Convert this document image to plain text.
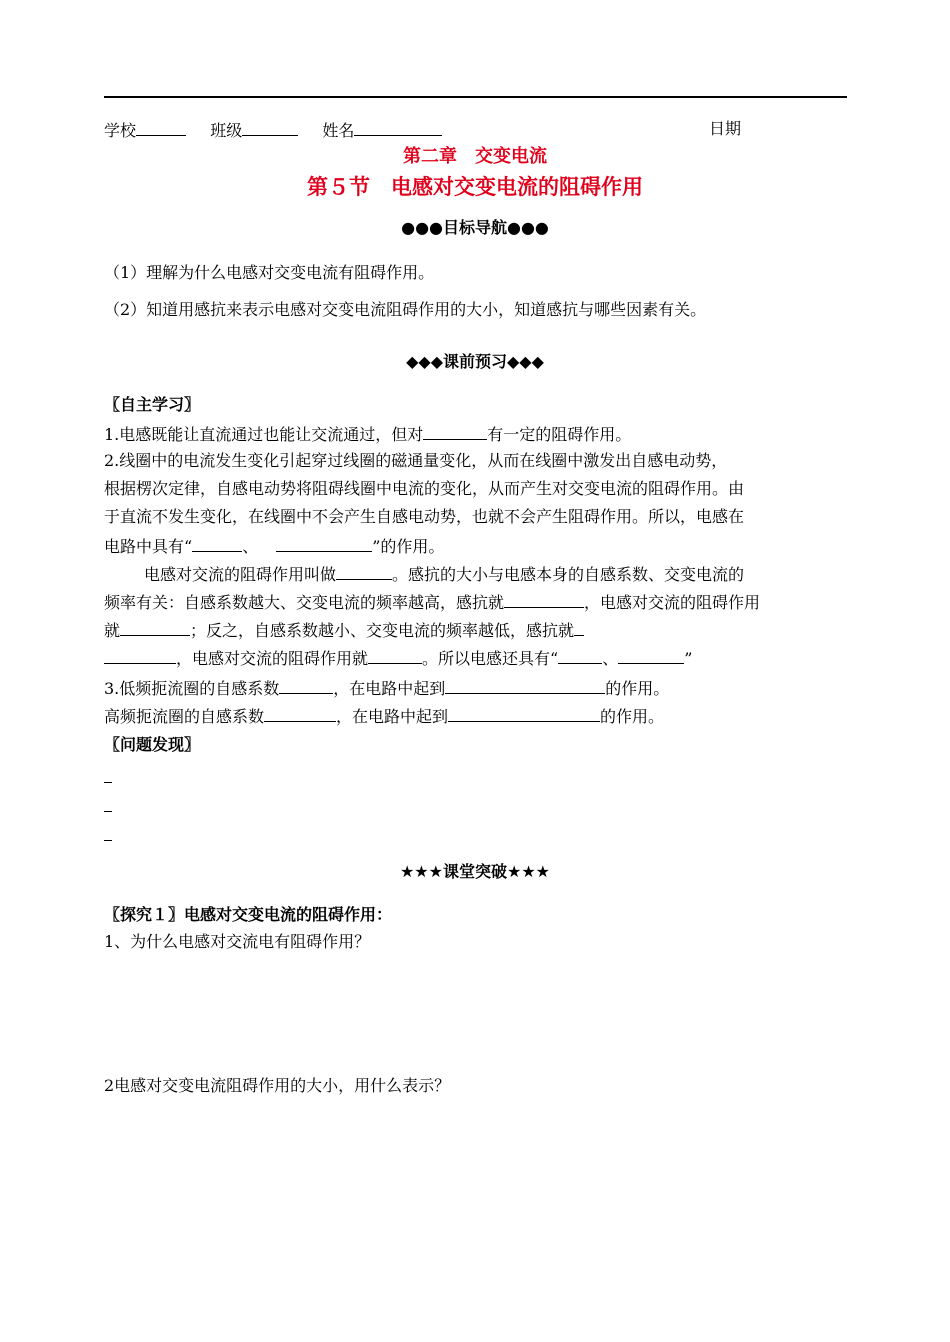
学校	班级	姓名	日期
第二章　交变电流
第５节　电感对交变电流的阻碍作用
●●●目标导航●●●
（1）理解为什么电感对交变电流有阻碍作用。
（2）知道用感抗来表示电感对交变电流阻碍作用的大小，知道感抗与哪些因素有关。
◆◆◆课前预习◆◆◆
〖自主学习〗
1.电感既能让直流通过也能让交流通过，但对	有一定的阻碍作用。
2.线圈中的电流发生变化引起穿过线圈的磁通量变化，从而在线圈中激发出自感电动势，
根据楞次定律，自感电动势将阻碍线圈中电流的变化，从而产生对交变电流的阻碍作用。由
于直流不发生变化，在线圈中不会产生自感电动势，也就不会产生阻碍作用。所以，电感在
电路中具有“	、	”的作用。
电感对交流的阻碍作用叫做	。感抗的大小与电感本身的自感系数、交变电流的
频率有关：自感系数越大、交变电流的频率越高，感抗就	，电感对交流的阻碍作用
就	；反之，自感系数越小、交变电流的频率越低，感抗就
，电感对交流的阻碍作用就	。所以电感还具有“	、	”
3.低频扼流圈的自感系数	，在电路中起到	的作用。
高频扼流圈的自感系数	，在电路中起到	的作用。
〖问题发现〗
★★★课堂突破★★★
〖探究１〗电感对交变电流的阻碍作用：
1、为什么电感对交流电有阻碍作用？
2电感对交变电流阻碍作用的大小，用什么表示？
